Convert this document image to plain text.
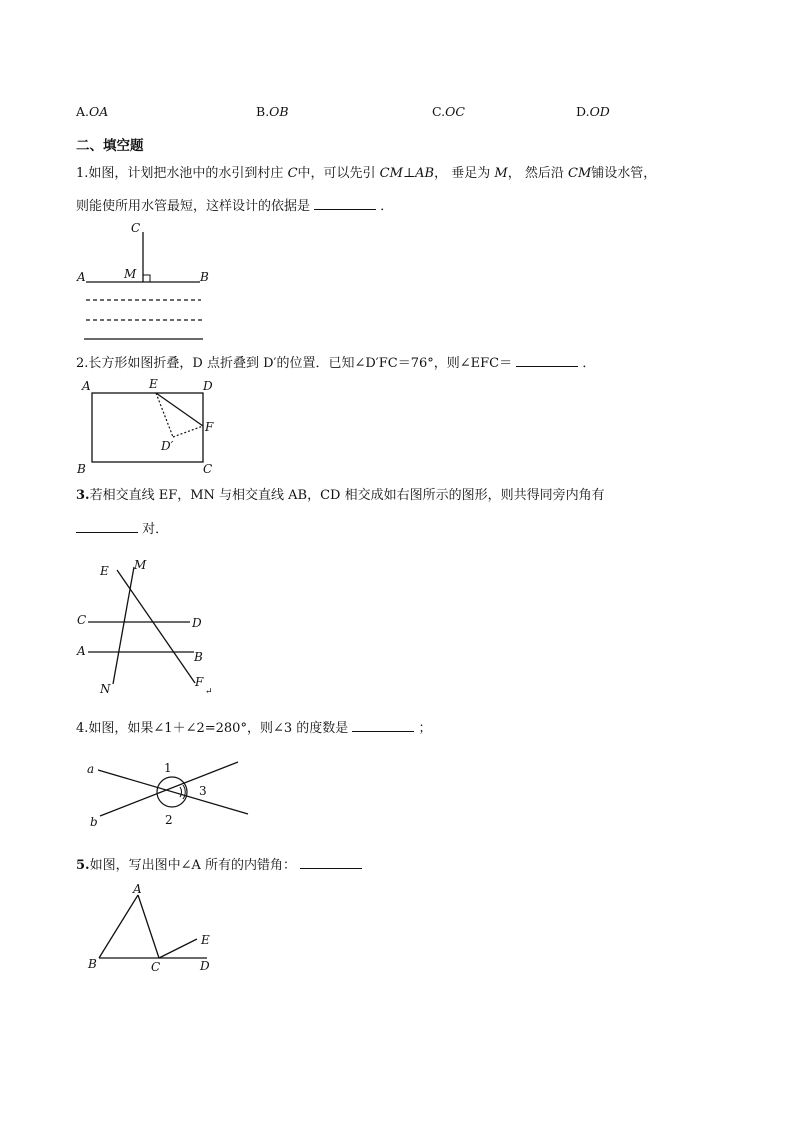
A.OA	B.OB	C.OC	D.OD
二、填空题
1.如图，计划把水池中的水引到村庄 C中，可以先引 CM⊥AB， 垂足为 M， 然后沿 CM铺设水管，
则能使所用水管最短，这样设计的依据是	．
C
M
A	B
2.长方形如图折叠，D 点折叠到 D′的位置．已知∠D′FC＝76°，则∠EFC＝	．
A	E	D
F
D′
B	C
3.若相交直线 EF，MN 与相交直线 AB，CD 相交成如右图所示的图形，则共得同旁内角有
对．
E M
C	D
A	B
N	F
↵
4.如图，如果∠1＋∠2=280°，则∠3 的度数是	；
a
b
1
2
3
5.如图，写出图中∠A 所有的内错角：
A
B	C	D
E
